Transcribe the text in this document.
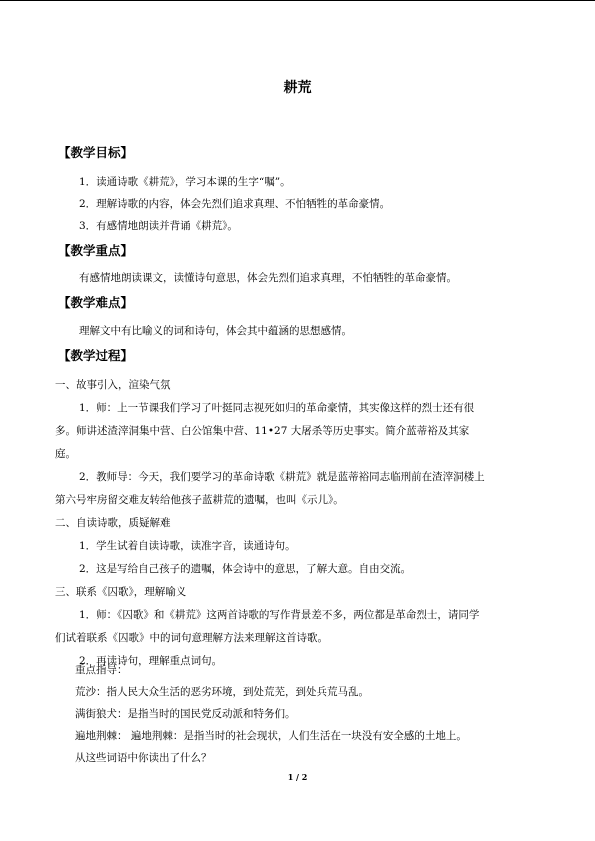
耕荒
【教学目标】
1．读通诗歌《耕荒》，学习本课的生字“嘱”。
2．理解诗歌的内容，体会先烈们追求真理、不怕牺牲的革命豪情。
3．有感情地朗读并背诵《耕荒》。
【教学重点】
有感情地朗读课文，读懂诗句意思，体会先烈们追求真理，不怕牺牲的革命豪情。
【教学难点】
理解文中有比喻义的词和诗句，体会其中蕴涵的思想感情。
【教学过程】
一、故事引入，渲染气氛
1．师：上一节课我们学习了叶挺同志视死如归的革命豪情，其实像这样的烈士还有很
多。师讲述渣滓洞集中营、白公馆集中营、11•27 大屠杀等历史事实。简介蓝蒂裕及其家
庭。
2．教师导：今天，我们要学习的革命诗歌《耕荒》就是蓝蒂裕同志临刑前在渣滓洞楼上
第六号牢房留交难友转给他孩子蓝耕荒的遗嘱，也叫《示儿》。
二、自读诗歌，质疑解难
1．学生试着自读诗歌，读准字音，读通诗句。
2．这是写给自己孩子的遗嘱，体会诗中的意思，了解大意。自由交流。
三、联系《囚歌》，理解喻义
1．师：《囚歌》和《耕荒》这两首诗歌的写作背景差不多，两位都是革命烈士，请同学
们试着联系《囚歌》中的词句意理解方法来理解这首诗歌。
2．再读诗句，理解重点词句。
重点指导：
荒沙：指人民大众生活的恶劣环境，到处荒芜，到处兵荒马乱。
满街狼犬：是指当时的国民党反动派和特务们。
遍地荆棘： 遍地荆棘：是指当时的社会现状，人们生活在一块没有安全感的土地上。
从这些词语中你读出了什么？
1 / 2
